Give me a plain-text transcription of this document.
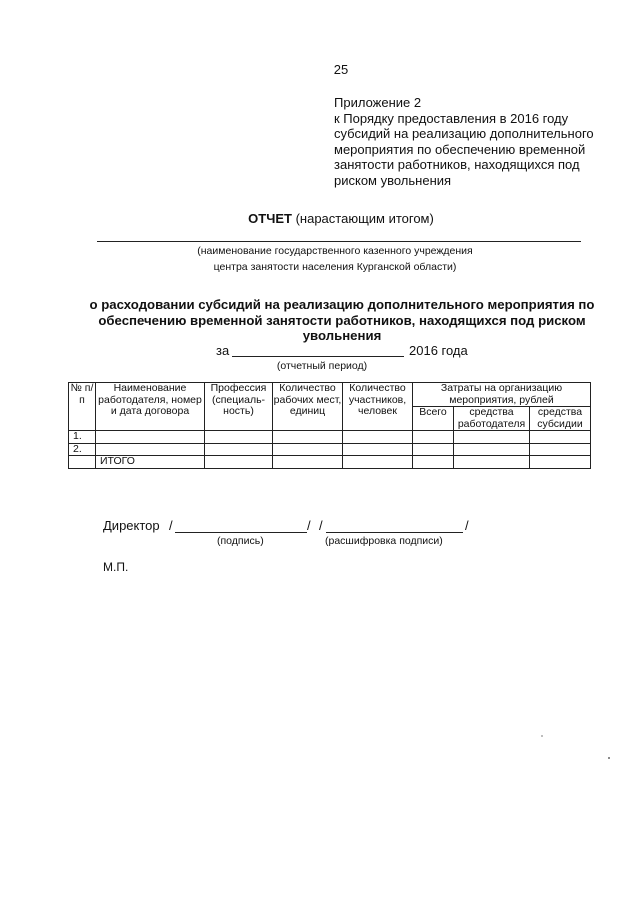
25
Приложение 2
к Порядку предоставления в 2016 году
субсидий на реализацию дополнительного
мероприятия по обеспечению временной
занятости работников, находящихся под
риском увольнения
ОТЧЕТ (нарастающим итогом)
(наименование государственного казенного учреждения
центра занятости населения Курганской области)
о расходовании субсидий на реализацию дополнительного мероприятия по
обеспечению временной занятости работников, находящихся под риском
увольнения
за	2016 года
(отчетный период)
№ п/п	Наименование работодателя, номер и дата договора	Профессия (специаль-ность)	Количество рабочих мест, единиц	Количество участников, человек	Затраты на организацию мероприятия, рублей		
					Всего	средства работодателя	средства субсидии
1.							
2.							
	ИТОГО						
Директор /	/ /	/
(подпись)	(расшифровка подписи)
М.П.
